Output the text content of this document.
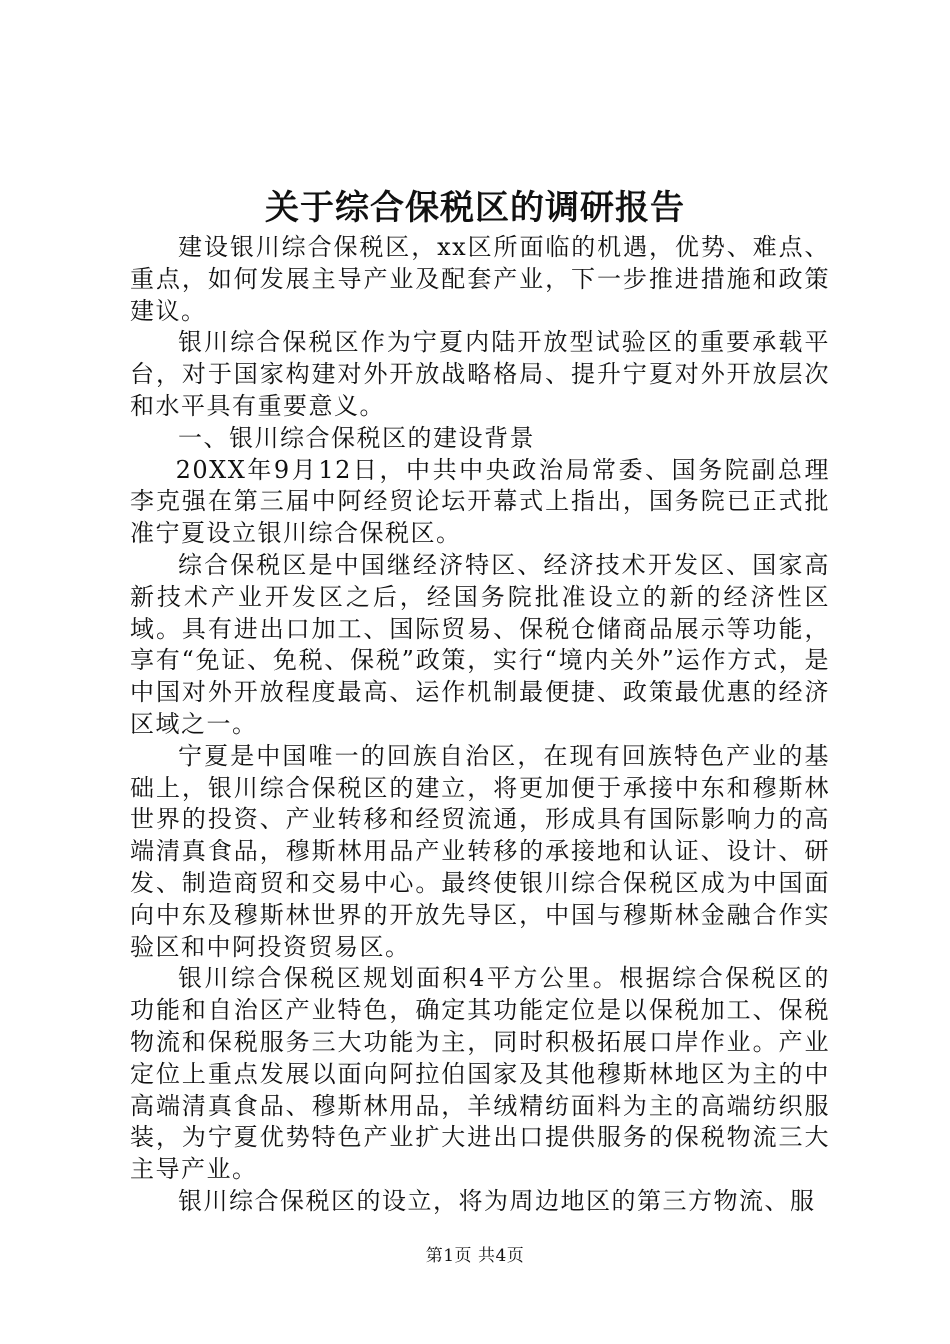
关于综合保税区的调研报告

建设银川综合保税区，xx区所面临的机遇，优势、难点、重点，如何发展主导产业及配套产业，下一步推进措施和政策建议。

银川综合保税区作为宁夏内陆开放型试验区的重要承载平台，对于国家构建对外开放战略格局、提升宁夏对外开放层次和水平具有重要意义。

一、银川综合保税区的建设背景

20XX年9月12日，中共中央政治局常委、国务院副总理李克强在第三届中阿经贸论坛开幕式上指出，国务院已正式批准宁夏设立银川综合保税区。

综合保税区是中国继经济特区、经济技术开发区、国家高新技术产业开发区之后，经国务院批准设立的新的经济性区域。具有进出口加工、国际贸易、保税仓储商品展示等功能，享有“免证、免税、保税”政策，实行“境内关外”运作方式，是中国对外开放程度最高、运作机制最便捷、政策最优惠的经济区域之一。

宁夏是中国唯一的回族自治区，在现有回族特色产业的基础上，银川综合保税区的建立，将更加便于承接中东和穆斯林世界的投资、产业转移和经贸流通，形成具有国际影响力的高端清真食品，穆斯林用品产业转移的承接地和认证、设计、研发、制造商贸和交易中心。最终使银川综合保税区成为中国面向中东及穆斯林世界的开放先导区，中国与穆斯林金融合作实验区和中阿投资贸易区。

银川综合保税区规划面积4平方公里。根据综合保税区的功能和自治区产业特色，确定其功能定位是以保税加工、保税物流和保税服务三大功能为主，同时积极拓展口岸作业。产业定位上重点发展以面向阿拉伯国家及其他穆斯林地区为主的中高端清真食品、穆斯林用品，羊绒精纺面料为主的高端纺织服装，为宁夏优势特色产业扩大进出口提供服务的保税物流三大主导产业。

银川综合保税区的设立，将为周边地区的第三方物流、服

第1页 共4页
